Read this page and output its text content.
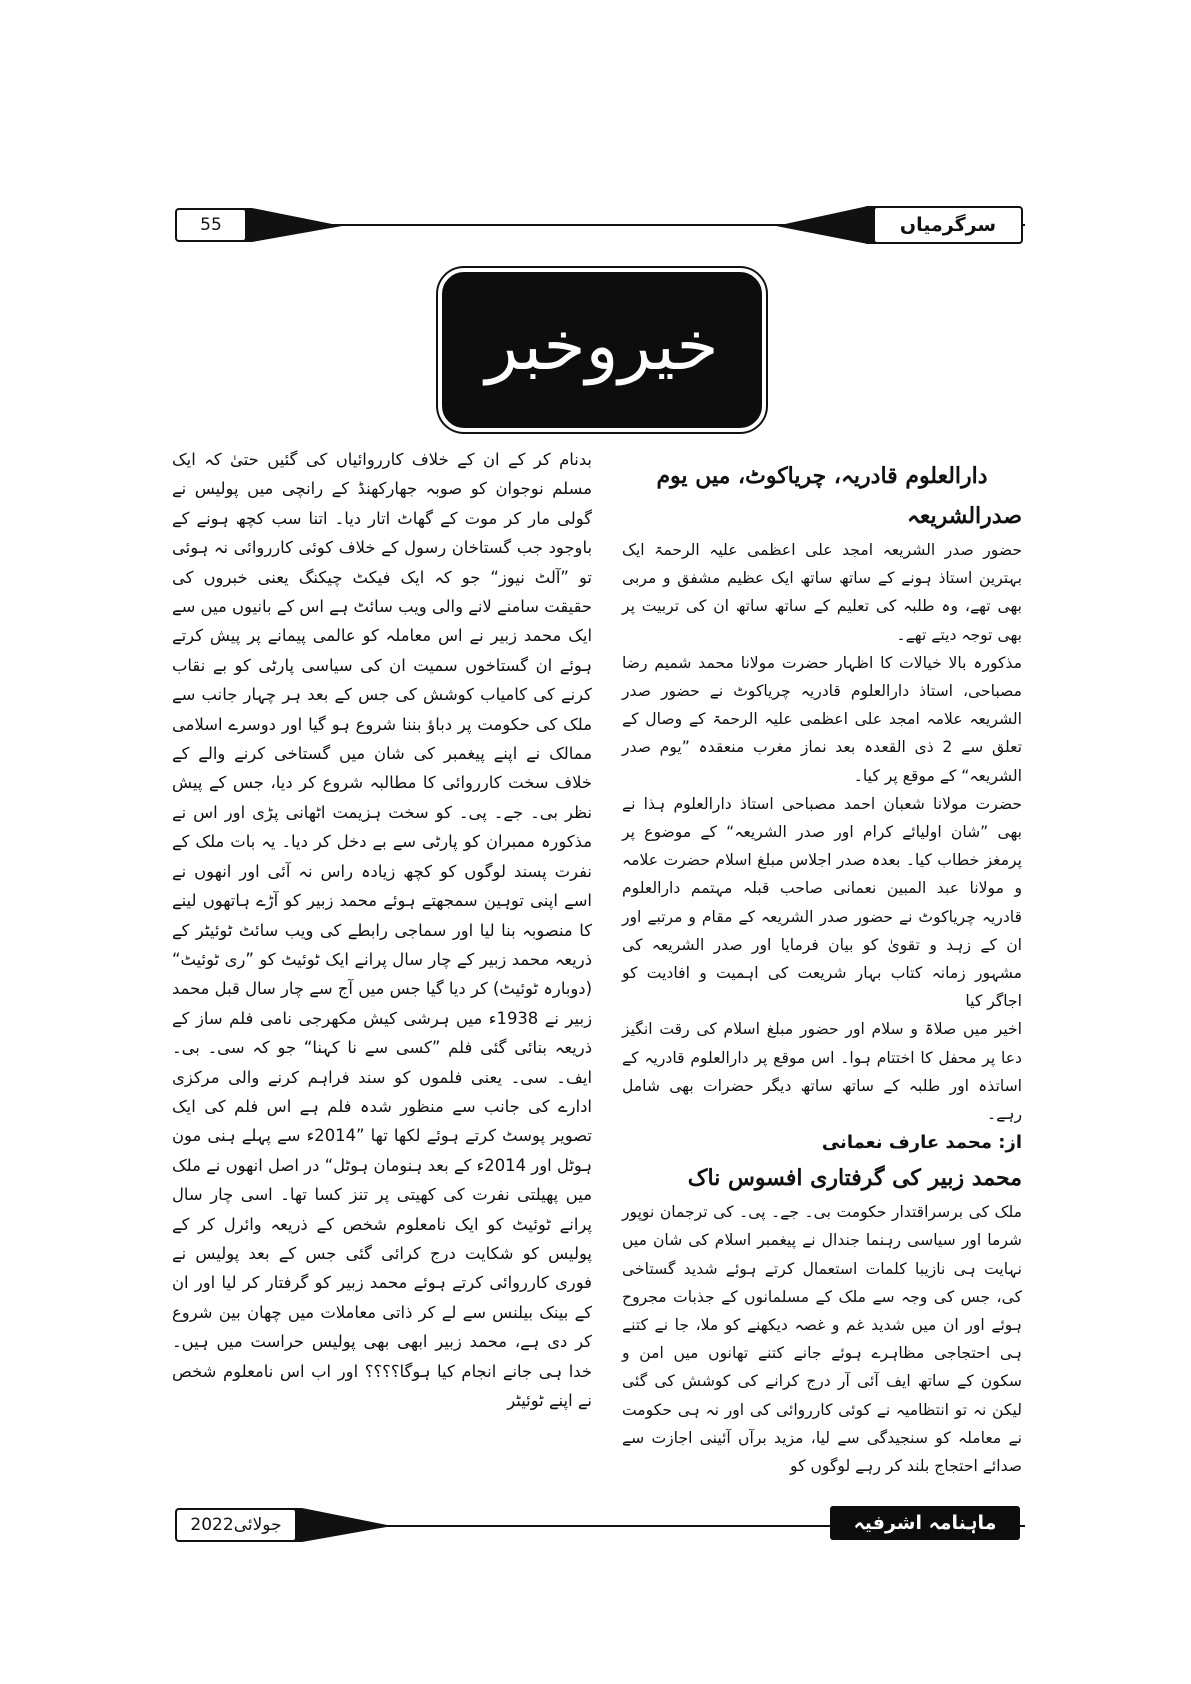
55	سرگرمیاں
خیروخبر

دارالعلوم قادریہ، چریاکوٹ، میں یوم صدرالشریعہ

حضور صدر الشریعہ امجد علی اعظمی علیہ الرحمۃ ایک بہترین استاذ ہونے کے ساتھ ساتھ ایک عظیم مشفق و مربی بھی تھے، وہ طلبہ کی تعلیم کے ساتھ ساتھ ان کی تربیت پر بھی توجہ دیتے تھے۔

مذکورہ بالا خیالات کا اظہار حضرت مولانا محمد شمیم رضا مصباحی، استاذ دارالعلوم قادریہ چریاکوٹ نے حضور صدر الشریعہ علامہ امجد علی اعظمی علیہ الرحمۃ کے وصال کے تعلق سے 2 ذی القعدہ بعد نماز مغرب منعقدہ ”یوم صدر الشریعہ“ کے موقع پر کیا۔

حضرت مولانا شعبان احمد مصباحی استاذ دارالعلوم ہذا نے بھی ”شان اولیائے کرام اور صدر الشریعہ“ کے موضوع پر پرمغز خطاب کیا۔ بعدہ صدر اجلاس مبلغ اسلام حضرت علامہ و مولانا عبد المبین نعمانی صاحب قبلہ مہتمم دارالعلوم قادریہ چریاکوٹ نے حضور صدر الشریعہ کے مقام و مرتبے اور ان کے زہد و تقویٰ کو بیان فرمایا اور صدر الشریعہ کی مشہور زمانہ کتاب بہار شریعت کی اہمیت و افادیت کو اجاگر کیا

اخیر میں صلاۃ و سلام اور حضور مبلغ اسلام کی رقت انگیز دعا پر محفل کا اختتام ہوا۔ اس موقع پر دارالعلوم قادریہ کے اساتذہ اور طلبہ کے ساتھ ساتھ دیگر حضرات بھی شامل رہے۔

از: محمد عارف نعمانی

محمد زبیر کی گرفتاری افسوس ناک

ملک کی برسراقتدار حکومت بی۔ جے۔ پی۔ کی ترجمان نوپور شرما اور سیاسی رہنما جندال نے پیغمبر اسلام کی شان میں نہایت ہی نازیبا کلمات استعمال کرتے ہوئے شدید گستاخی کی، جس کی وجہ سے ملک کے مسلمانوں کے جذبات مجروح ہوئے اور ان میں شدید غم و غصہ دیکھنے کو ملا، جا نے کتنے ہی احتجاجی مظاہرے ہوئے جانے کتنے تھانوں میں امن و سکون کے ساتھ ایف آئی آر درج کرانے کی کوشش کی گئی لیکن نہ تو انتظامیہ نے کوئی کارروائی کی اور نہ ہی حکومت نے معاملہ کو سنجیدگی سے لیا، مزید برآں آئینی اجازت سے صدائے احتجاج بلند کر رہے لوگوں کو

بدنام کر کے ان کے خلاف کارروائیاں کی گئیں حتیٰ کہ ایک مسلم نوجوان کو صوبہ جھارکھنڈ کے رانچی میں پولیس نے گولی مار کر موت کے گھاٹ اتار دیا۔ اتنا سب کچھ ہونے کے باوجود جب گستاخان رسول کے خلاف کوئی کارروائی نہ ہوئی تو ”آلٹ نیوز“ جو کہ ایک فیکٹ چیکنگ یعنی خبروں کی حقیقت سامنے لانے والی ویب سائٹ ہے اس کے بانیوں میں سے ایک محمد زبیر نے اس معاملہ کو عالمی پیمانے پر پیش کرتے ہوئے ان گستاخوں سمیت ان کی سیاسی پارٹی کو بے نقاب کرنے کی کامیاب کوشش کی جس کے بعد ہر چہار جانب سے ملک کی حکومت پر دباؤ بننا شروع ہو گیا اور دوسرے اسلامی ممالک نے اپنے پیغمبر کی شان میں گستاخی کرنے والے کے خلاف سخت کارروائی کا مطالبہ شروع کر دیا، جس کے پیش نظر بی۔ جے۔ پی۔ کو سخت ہزیمت اٹھانی پڑی اور اس نے مذکورہ ممبران کو پارٹی سے بے دخل کر دیا۔ یہ بات ملک کے نفرت پسند لوگوں کو کچھ زیادہ راس نہ آئی اور انھوں نے اسے اپنی توہین سمجھتے ہوئے محمد زبیر کو آڑے ہاتھوں لینے کا منصوبہ بنا لیا اور سماجی رابطے کی ویب سائٹ ٹوئیٹر کے ذریعہ محمد زبیر کے چار سال پرانے ایک ٹوئیٹ کو ”ری ٹوئیٹ“ (دوبارہ ٹوئیٹ) کر دیا گیا جس میں آج سے چار سال قبل محمد زبیر نے 1938ء میں ہرشی کیش مکھرجی نامی فلم ساز کے ذریعہ بنائی گئی فلم ”کسی سے نا کہنا“ جو کہ سی۔ بی۔ ایف۔ سی۔ یعنی فلموں کو سند فراہم کرنے والی مرکزی ادارے کی جانب سے منظور شدہ فلم ہے اس فلم کی ایک تصویر پوسٹ کرتے ہوئے لکھا تھا ”2014ء سے پہلے ہنی مون ہوٹل اور 2014ء کے بعد ہنومان ہوٹل“ در اصل انھوں نے ملک میں پھیلتی نفرت کی کھیتی پر تنز کسا تھا۔ اسی چار سال پرانے ٹوئیٹ کو ایک نامعلوم شخص کے ذریعہ وائرل کر کے پولیس کو شکایت درج کرائی گئی جس کے بعد پولیس نے فوری کارروائی کرتے ہوئے محمد زبیر کو گرفتار کر لیا اور ان کے بینک بیلنس سے لے کر ذاتی معاملات میں چھان بین شروع کر دی ہے، محمد زبیر ابھی بھی پولیس حراست میں ہیں۔ خدا ہی جانے انجام کیا ہوگا؟؟؟؟ اور اب اس نامعلوم شخص نے اپنے ٹوئیٹر

جولائی2022	ماہنامہ اشرفیہ
